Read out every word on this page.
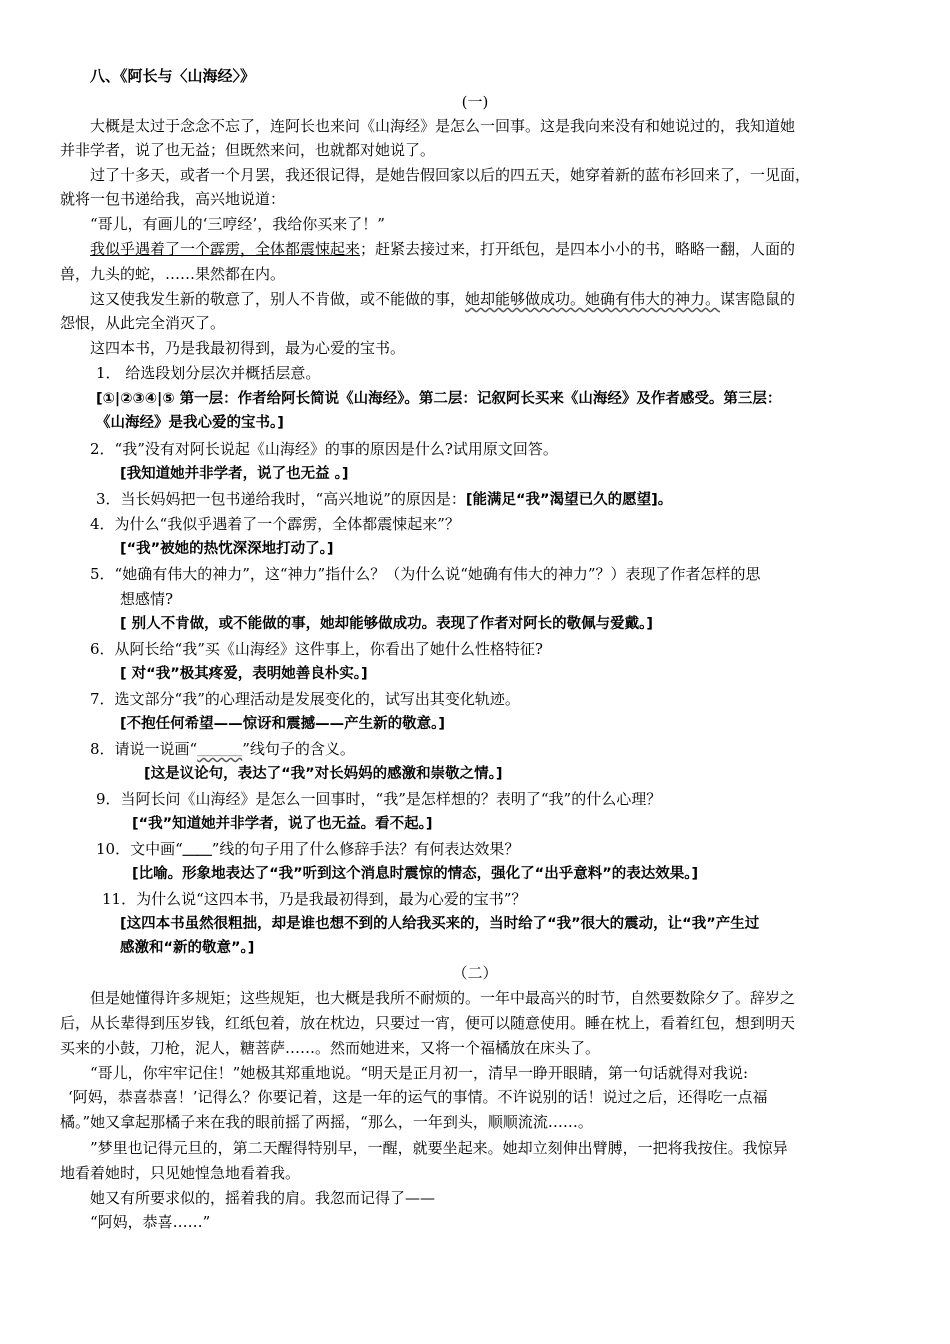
八、《阿长与〈山海经〉》
(一)
大概是太过于念念不忘了，连阿长也来问《山海经》是怎么一回事。这是我向来没有和她说过的，我知道她
并非学者，说了也无益；但既然来问，也就都对她说了。
过了十多天，或者一个月罢，我还很记得，是她告假回家以后的四五天，她穿着新的蓝布衫回来了，一见面，
就将一包书递给我，高兴地说道：
“哥儿，有画儿的‘三哼经’，我给你买来了！”
我似乎遇着了一个霹雳，全体都震悚起来；赶紧去接过来，打开纸包，是四本小小的书，略略一翻，人面的
兽，九头的蛇，……果然都在内。
这又使我发生新的敬意了，别人不肯做，或不能做的事，她却能够做成功。她确有伟大的神力。谋害隐鼠的
怨恨，从此完全消灭了。
这四本书，乃是我最初得到，最为心爱的宝书。
1． 给选段划分层次并概括层意。
[①|②③④|⑤ 第一层：作者给阿长简说《山海经》。第二层：记叙阿长买来《山海经》及作者感受。第三层：
《山海经》是我心爱的宝书。]
2．“我”没有对阿长说起《山海经》的事的原因是什么?试用原文回答。
[我知道她并非学者，说了也无益 。]
3．当长妈妈把一包书递给我时，“高兴地说”的原因是：[能满足“我”渴望已久的愿望]。
4．为什么“我似乎遇着了一个霹雳，全体都震悚起来”？
[“我”被她的热忱深深地打动了。]
5．“她确有伟大的神力”，这“神力”指什么？（为什么说“她确有伟大的神力”？）表现了作者怎样的思
想感情?
[ 别人不肯做，或不能做的事，她却能够做成功。表现了作者对阿长的敬佩与爱戴。]
6．从阿长给“我”买《山海经》这件事上，你看出了她什么性格特征?
[ 对“我”极其疼爱，表明她善良朴实。]
7．选文部分“我”的心理活动是发展变化的，试写出其变化轨迹。
[不抱任何希望——惊讶和震撼——产生新的敬意。]
8．请说一说画“＿＿＿”线句子的含义。
[这是议论句，表达了“我”对长妈妈的感激和崇敬之情。]
9．当阿长问《山海经》是怎么一回事时，“我”是怎样想的？表明了“我”的什么心理？
[“我”知道她并非学者，说了也无益。看不起。]
10．文中画“＿＿”线的句子用了什么修辞手法？有何表达效果？
[比喻。形象地表达了“我”听到这个消息时震惊的情态，强化了“出乎意料”的表达效果。]
11．为什么说“这四本书，乃是我最初得到，最为心爱的宝书”？
[这四本书虽然很粗拙，却是谁也想不到的人给我买来的，当时给了“我”很大的震动，让“我”产生过
感激和“新的敬意”。]
（二）
但是她懂得许多规矩；这些规矩，也大概是我所不耐烦的。一年中最高兴的时节，自然要数除夕了。辞岁之
后，从长辈得到压岁钱，红纸包着，放在枕边，只要过一宵，便可以随意使用。睡在枕上，看着红包，想到明天
买来的小鼓，刀枪，泥人，糖菩萨……。然而她进来，又将一个福橘放在床头了。
“哥儿，你牢牢记住！”她极其郑重地说。“明天是正月初一，清早一睁开眼睛，第一句话就得对我说:
‘阿妈，恭喜恭喜！’记得么？你要记着，这是一年的运气的事情。不许说别的话！说过之后，还得吃一点福
橘。”她又拿起那橘子来在我的眼前摇了两摇，“那么，一年到头，顺顺流流……。
”梦里也记得元旦的，第二天醒得特别早，一醒，就要坐起来。她却立刻伸出臂膊，一把将我按住。我惊异
地看着她时，只见她惶急地看着我。
她又有所要求似的，摇着我的肩。我忽而记得了——
“阿妈，恭喜……”
